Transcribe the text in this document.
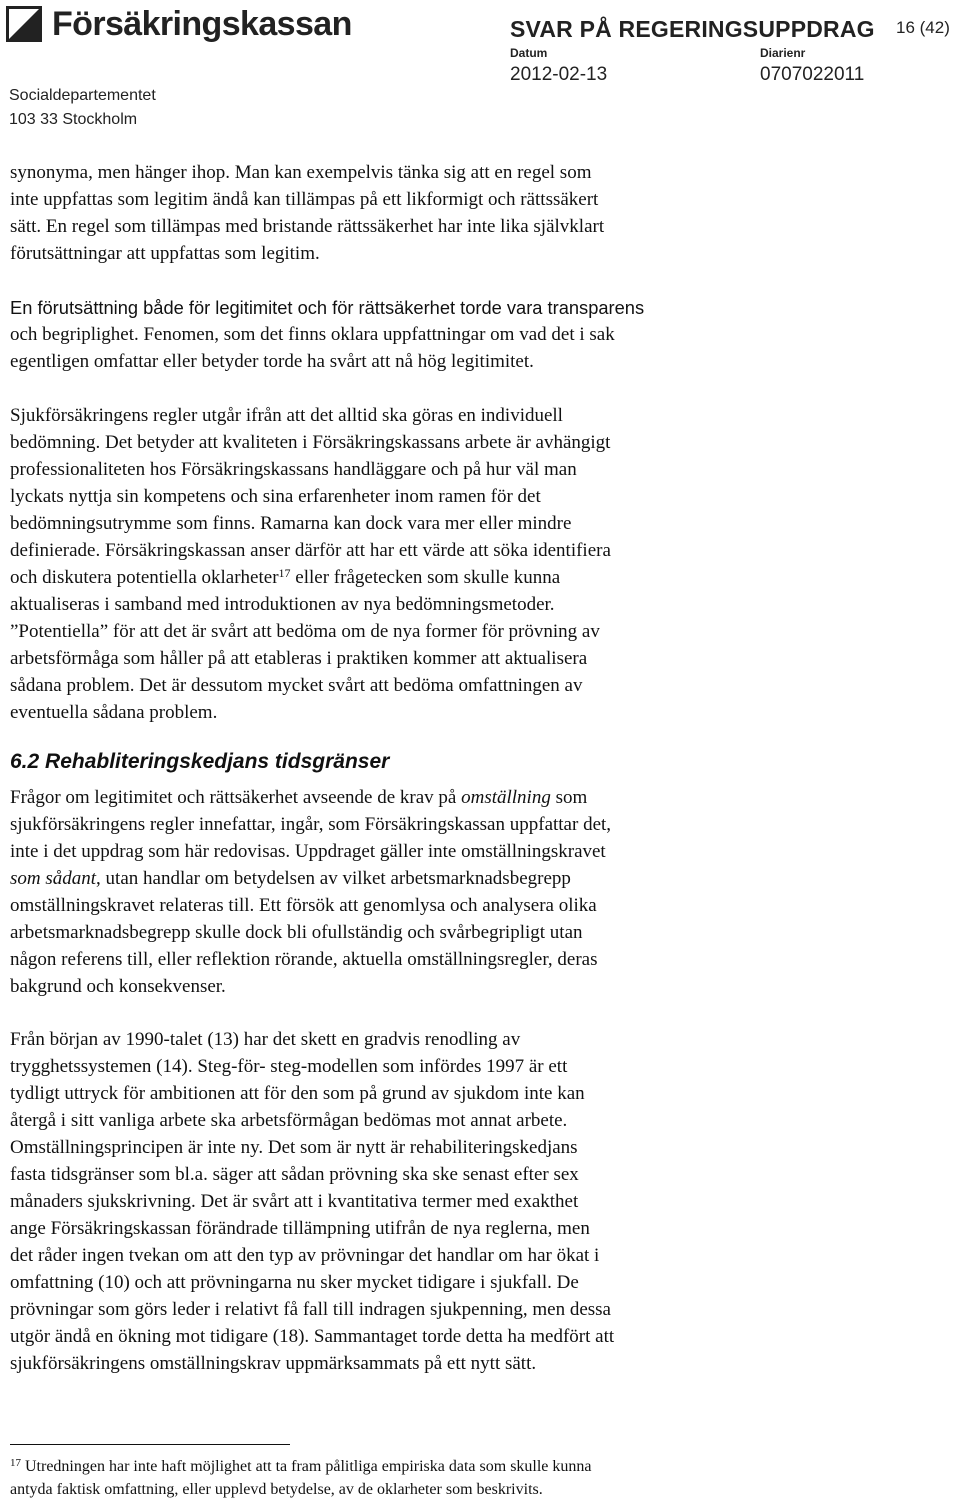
Försäkringskassan	SVAR PÅ REGERINGSUPPDRAG 16 (42)
Datum	Diarienr
2012-02-13	0707022011
Socialdepartementet
103 33 Stockholm

synonyma, men hänger ihop. Man kan exempelvis tänka sig att en regel som

inte uppfattas som legitim ändå kan tillämpas på ett likformigt och rättssäkert

sätt. En regel som tillämpas med bristande rättssäkerhet har inte lika självklart

förutsättningar att uppfattas som legitim.

En förutsättning både för legitimitet och för rättsäkerhet torde vara transparens

och begriplighet. Fenomen, som det finns oklara uppfattningar om vad det i sak

egentligen omfattar eller betyder torde ha svårt att nå hög legitimitet.

Sjukförsäkringens regler utgår ifrån att det alltid ska göras en individuell

bedömning. Det betyder att kvaliteten i Försäkringskassans arbete är avhängigt

professionaliteten hos Försäkringskassans handläggare och på hur väl man

lyckats nyttja sin kompetens och sina erfarenheter inom ramen för det

bedömningsutrymme som finns. Ramarna kan dock vara mer eller mindre

definierade. Försäkringskassan anser därför att har ett värde att söka identifiera

och diskutera potentiella oklarheter$^{17}$ eller frågetecken som skulle kunna

aktualiseras i samband med introduktionen av nya bedömningsmetoder.

”Potentiella” för att det är svårt att bedöma om de nya former för prövning av

arbetsförmåga som håller på att etableras i praktiken kommer att aktualisera

sådana problem. Det är dessutom mycket svårt att bedöma omfattningen av

eventuella sådana problem.

6.2 Rehabliteringskedjans tidsgränser

Frågor om legitimitet och rättsäkerhet avseende de krav på omställning som

sjukförsäkringens regler innefattar, ingår, som Försäkringskassan uppfattar det,

inte i det uppdrag som här redovisas. Uppdraget gäller inte omställningskravet

som sådant, utan handlar om betydelsen av vilket arbetsmarknadsbegrepp

omställningskravet relateras till. Ett försök att genomlysa och analysera olika

arbetsmarknadsbegrepp skulle dock bli ofullständig och svårbegripligt utan

någon referens till, eller reflektion rörande, aktuella omställningsregler, deras

bakgrund och konsekvenser.

Från början av 1990-talet (13) har det skett en gradvis renodling av

trygghetssystemen (14). Steg-för- steg-modellen som infördes 1997 är ett

tydligt uttryck för ambitionen att för den som på grund av sjukdom inte kan

återgå i sitt vanliga arbete ska arbetsförmågan bedömas mot annat arbete.

Omställningsprincipen är inte ny. Det som är nytt är rehabiliteringskedjans

fasta tidsgränser som bl.a. säger att sådan prövning ska ske senast efter sex

månaders sjukskrivning. Det är svårt att i kvantitativa termer med exakthet

ange Försäkringskassan förändrade tillämpning utifrån de nya reglerna, men

det råder ingen tvekan om att den typ av prövningar det handlar om har ökat i

omfattning (10) och att prövningarna nu sker mycket tidigare i sjukfall. De

prövningar som görs leder i relativt få fall till indragen sjukpenning, men dessa

utgör ändå en ökning mot tidigare (18). Sammantaget torde detta ha medfört att

sjukförsäkringens omställningskrav uppmärksammats på ett nytt sätt.

$^{17}$ Utredningen har inte haft möjlighet att ta fram pålitliga empiriska data som skulle kunna
antyda faktisk omfattning, eller upplevd betydelse, av de oklarheter som beskrivits.
